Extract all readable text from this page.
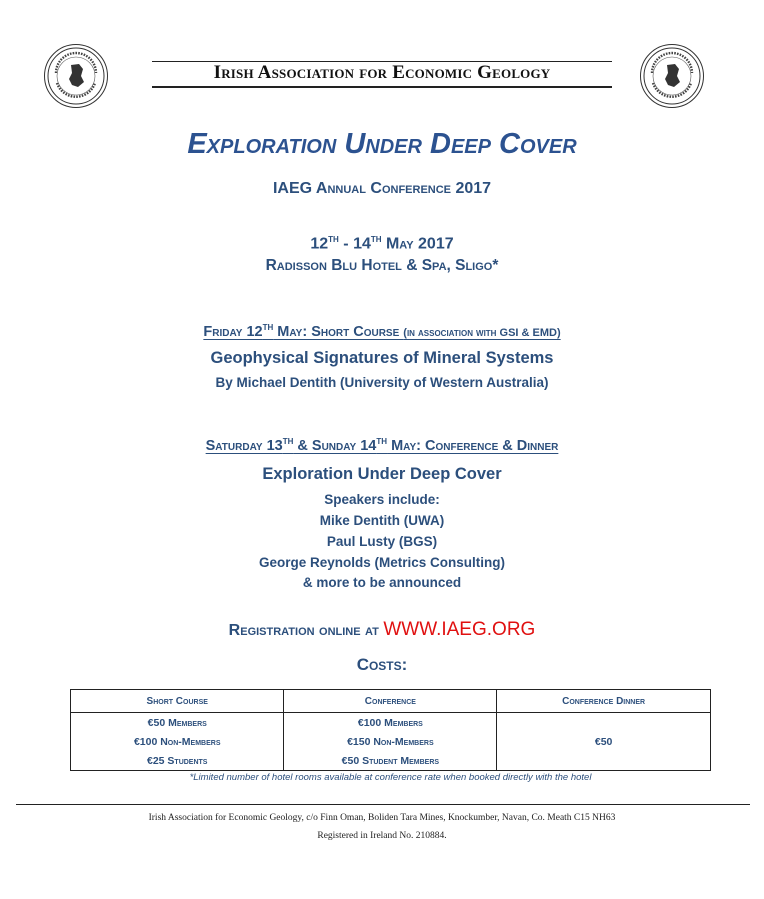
Irish Association for Economic Geology
Exploration Under Deep Cover
IAEG Annual Conference 2017
12th - 14th May 2017
Radisson Blu Hotel & Spa, Sligo*
Friday 12th May: Short Course (in association with GSI & EMD)
Geophysical Signatures of Mineral Systems
By Michael Dentith (University of Western Australia)
Saturday 13th & Sunday 14th May: Conference & Dinner
Exploration Under Deep Cover
Speakers include:
Mike Dentith (UWA)
Paul Lusty (BGS)
George Reynolds (Metrics Consulting)
& more to be announced
Registration online at WWW.IAEG.ORG
Costs:
Short Course	Conference	Conference Dinner
€50 Members	€100 Members	€50
€100 Non-Members	€150 Non-Members	
€25 Students	€50 Student Members	
*Limited number of hotel rooms available at conference rate when booked directly with the hotel
Irish Association for Economic Geology, c/o Finn Oman, Boliden Tara Mines, Knockumber, Navan, Co. Meath C15 NH63
Registered in Ireland No. 210884.
